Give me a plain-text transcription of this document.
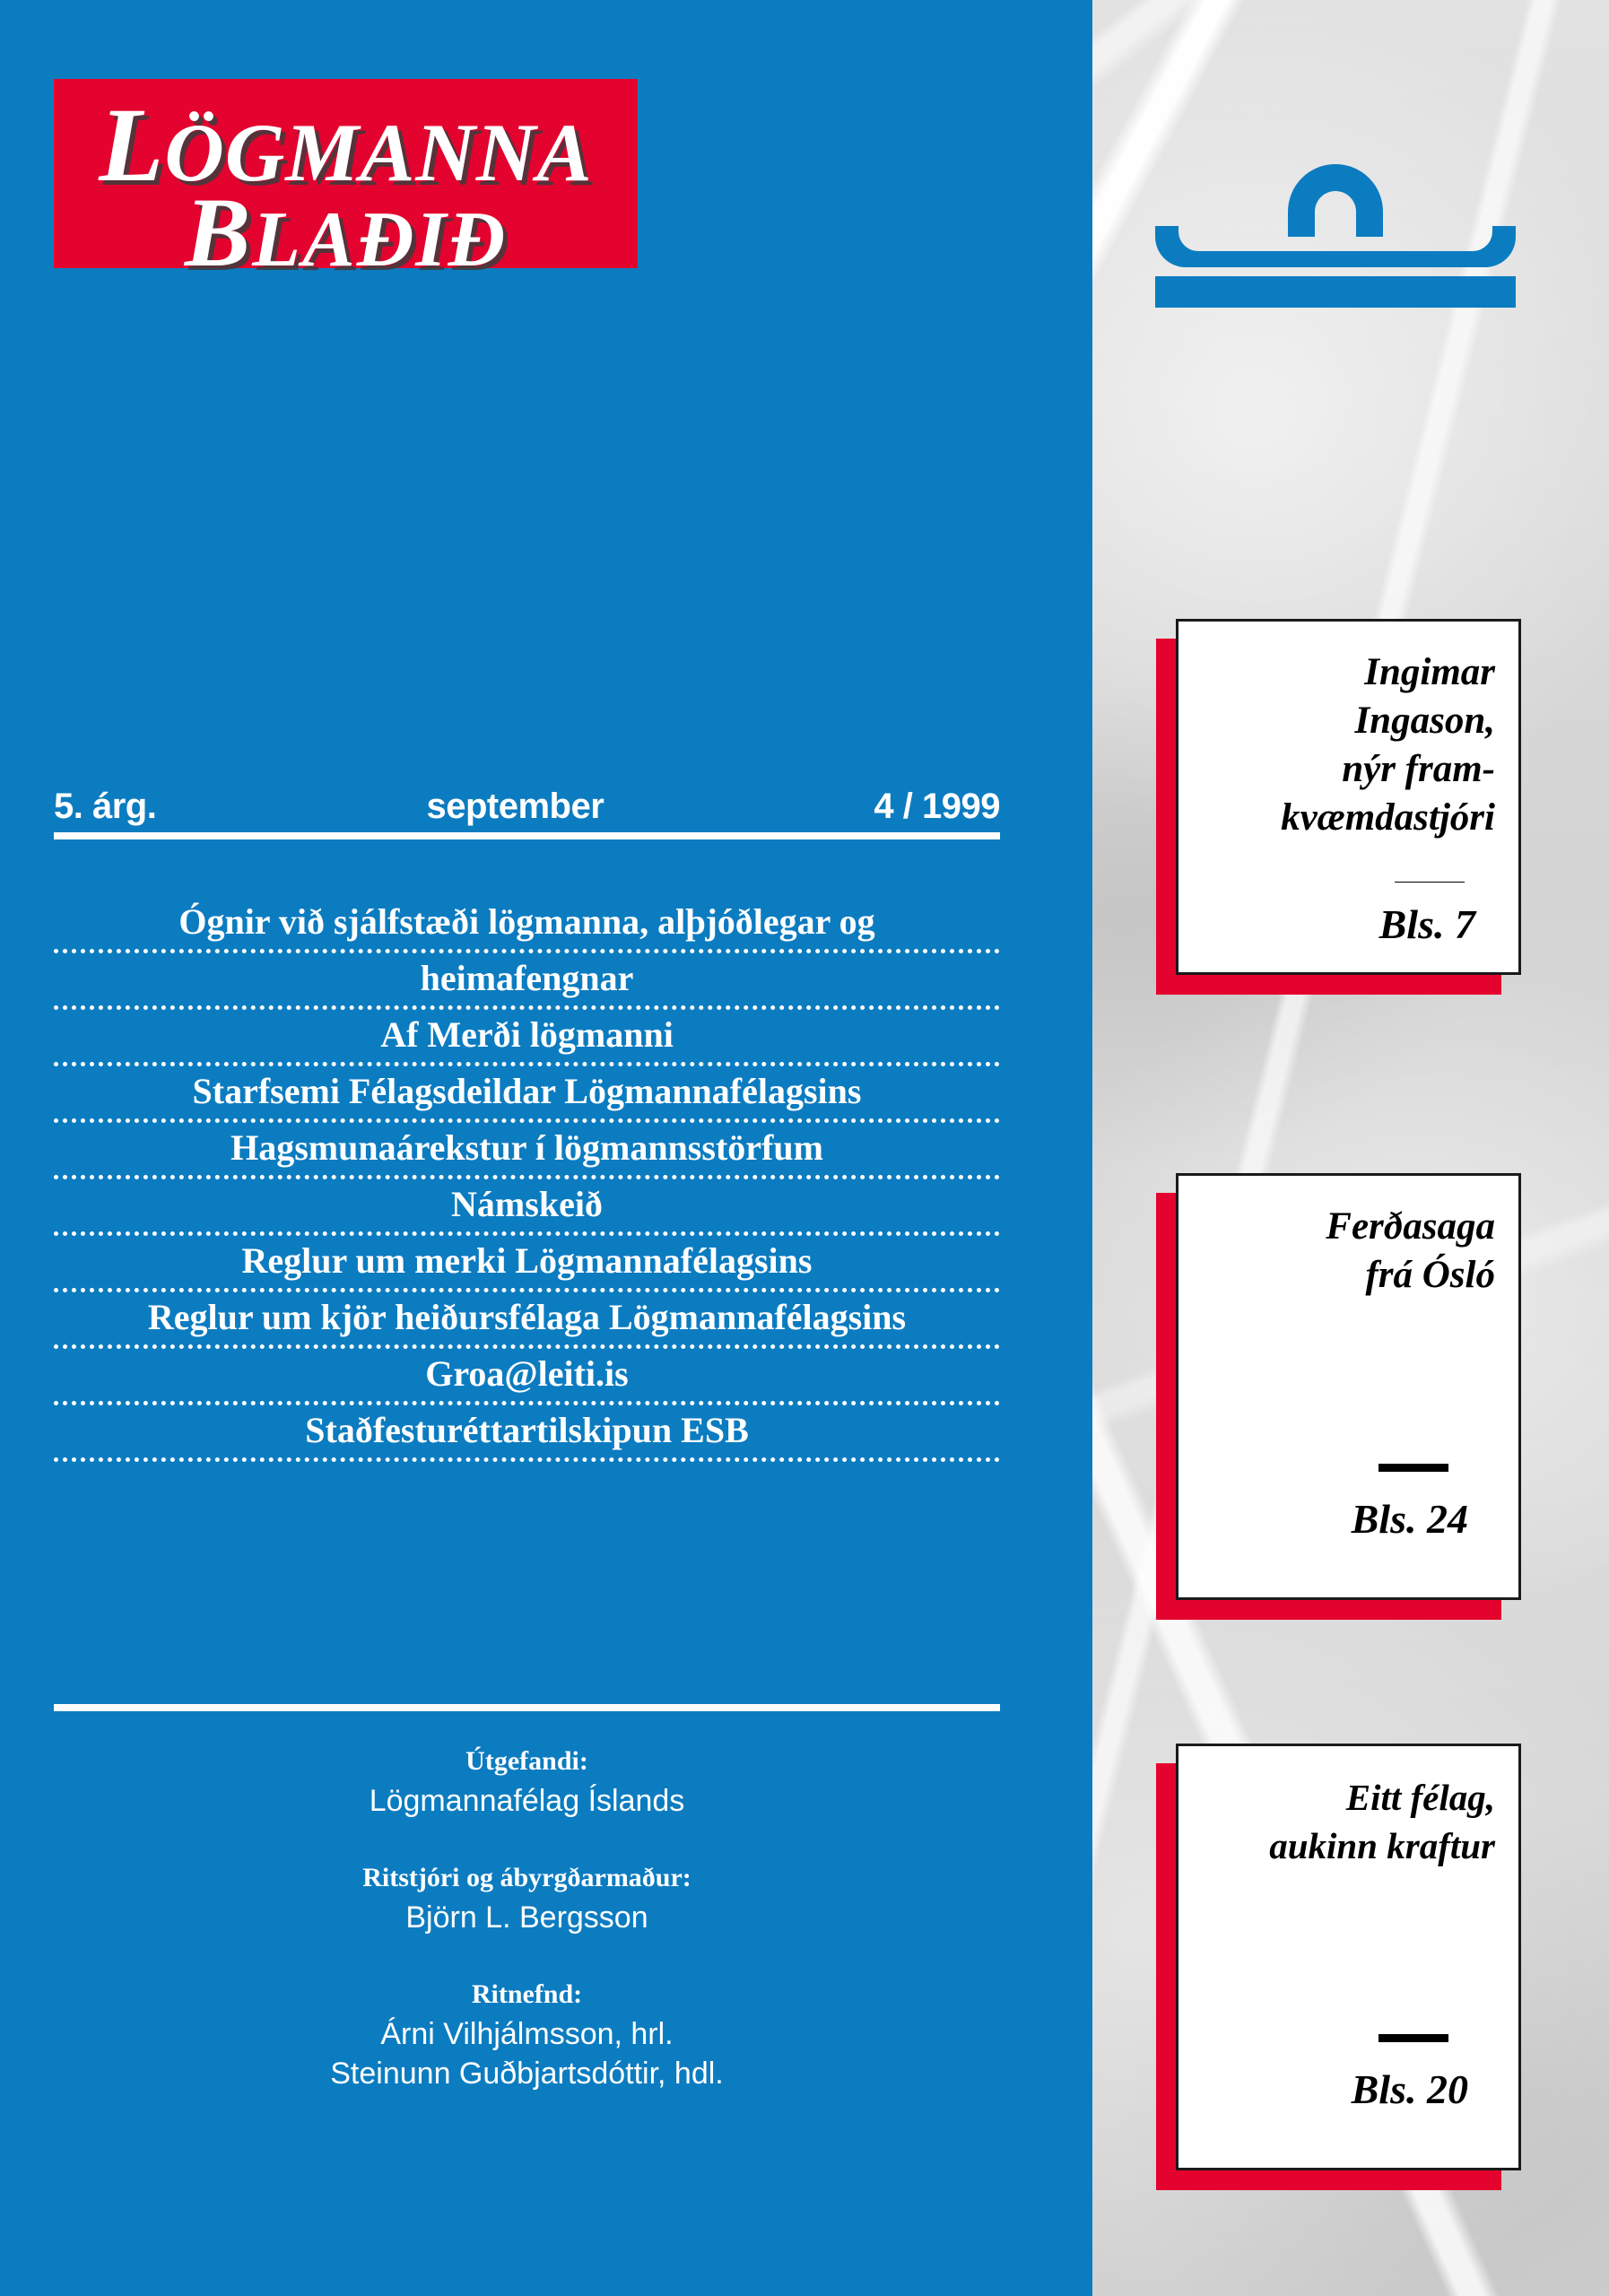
LÖGMANNA
BLAÐIÐ
5. árg.	september	4 / 1999
Ógnir við sjálfstæði lögmanna, alþjóðlegar og
heimafengnar
Af Merði lögmanni
Starfsemi Félagsdeildar Lögmannafélagsins
Hagsmunaárekstur í lögmannsstörfum
Námskeið
Reglur um merki Lögmannafélagsins
Reglur um kjör heiðursfélaga Lögmannafélagsins
Groa@leiti.is
Staðfesturéttartilskipun ESB
Útgefandi:
Lögmannafélag Íslands
Ritstjóri og ábyrgðarmaður:
Björn L. Bergsson
Ritnefnd:
Árni Vilhjálmsson, hrl.
Steinunn Guðbjartsdóttir, hdl.
Ingimar
Ingason,
nýr fram-
kvæmdastjóri
Bls. 7
Ferðasaga
frá Ósló
Bls. 24
Eitt félag,
aukinn kraftur
Bls. 20
